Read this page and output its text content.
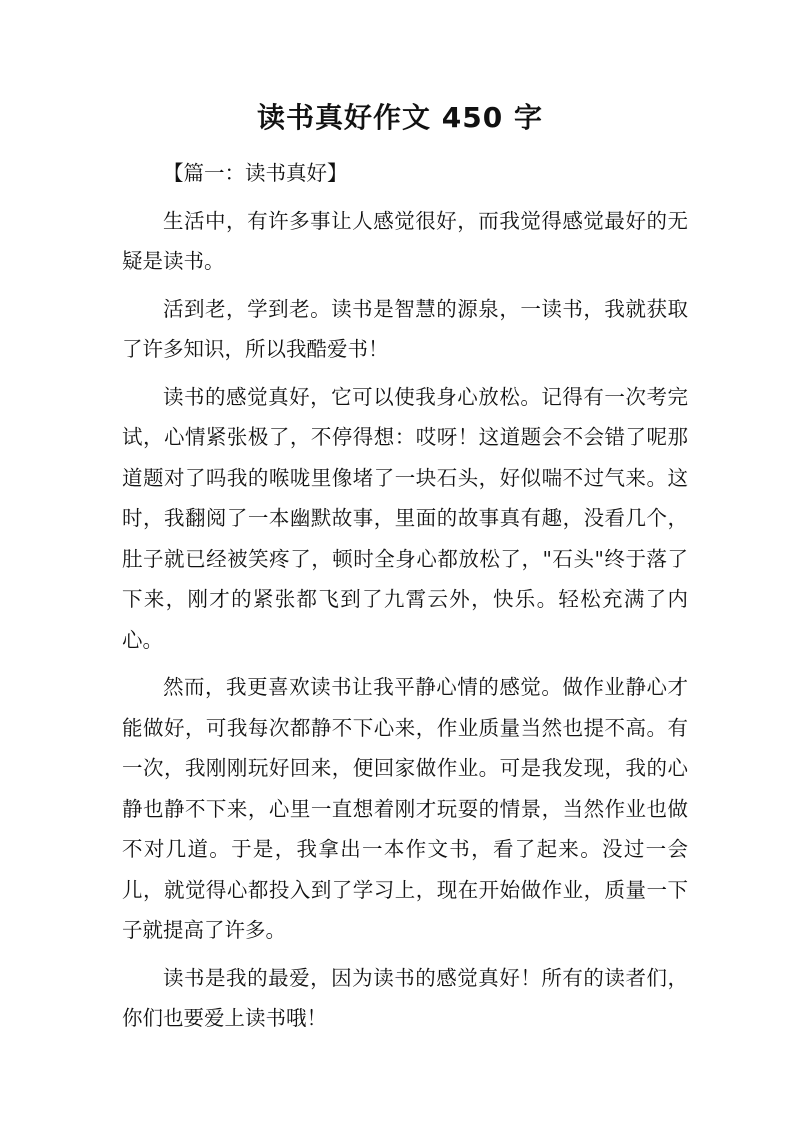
读书真好作文 450 字

【篇一：读书真好】

生活中，有许多事让人感觉很好，而我觉得感觉最好的无疑是读书。

活到老，学到老。读书是智慧的源泉，一读书，我就获取了许多知识，所以我酷爱书！

读书的感觉真好，它可以使我身心放松。记得有一次考完试，心情紧张极了，不停得想：哎呀！这道题会不会错了呢那道题对了吗我的喉咙里像堵了一块石头，好似喘不过气来。这时，我翻阅了一本幽默故事，里面的故事真有趣，没看几个，肚子就已经被笑疼了，顿时全身心都放松了，"石头"终于落了下来，刚才的紧张都飞到了九霄云外，快乐。轻松充满了内心。

然而，我更喜欢读书让我平静心情的感觉。做作业静心才能做好，可我每次都静不下心来，作业质量当然也提不高。有一次，我刚刚玩好回来，便回家做作业。可是我发现，我的心静也静不下来，心里一直想着刚才玩耍的情景，当然作业也做不对几道。于是，我拿出一本作文书，看了起来。没过一会儿，就觉得心都投入到了学习上，现在开始做作业，质量一下子就提高了许多。

读书是我的最爱，因为读书的感觉真好！所有的读者们，你们也要爱上读书哦！
